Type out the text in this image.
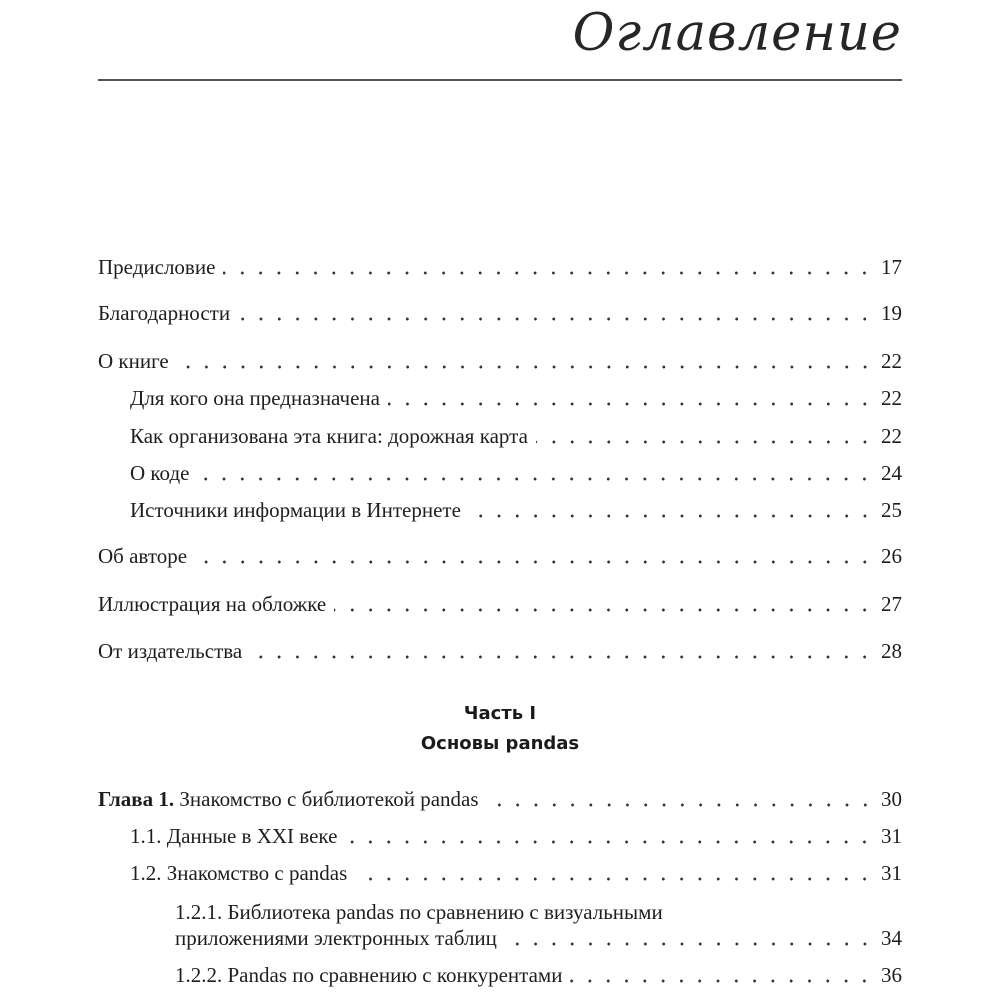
Оглавление
Предисловие	17
Благодарности	19
О книге	22
Для кого она предназначена	22
Как организована эта книга: дорожная карта	22
О коде	24
Источники информации в Интернете	25
Об авторе	26
Иллюстрация на обложке	27
От издательства	28
Часть I
Основы pandas
Глава 1. Знакомство с библиотекой pandas	30
1.1. Данные в XXI веке	31
1.2. Знакомство с pandas	31
1.2.1. Библиотека pandas по сравнению с визуальными
приложениями электронных таблиц	34
1.2.2. Pandas по сравнению с конкурентами	36
